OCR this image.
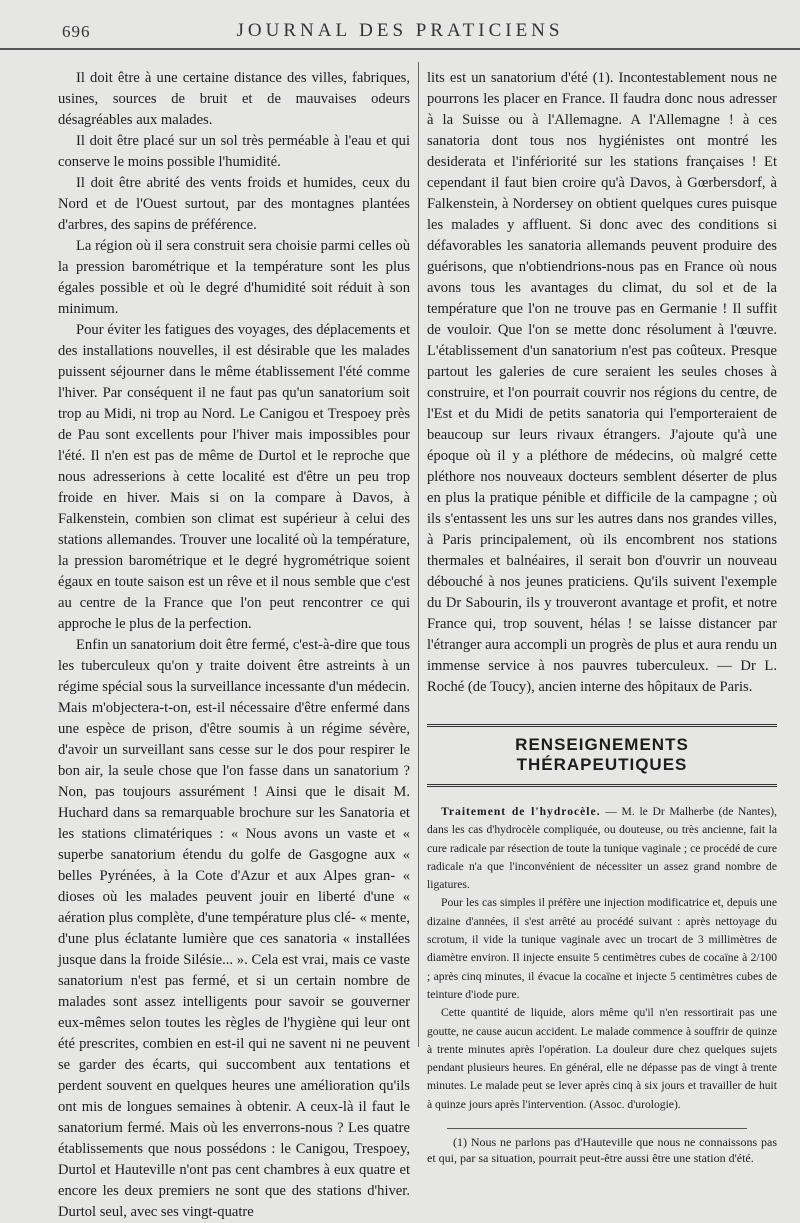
696	JOURNAL DES PRATICIENS

Il doit être à une certaine distance des villes, fabriques, usines, sources de bruit et de mauvaises odeurs désagréables aux malades.

Il doit être placé sur un sol très perméable à l'eau et qui conserve le moins possible l'humidité.

Il doit être abrité des vents froids et humides, ceux du Nord et de l'Ouest surtout, par des montagnes plantées d'arbres, des sapins de préférence.

La région où il sera construit sera choisie parmi celles où la pression barométrique et la température sont les plus égales possible et où le degré d'humidité soit réduit à son minimum.

Pour éviter les fatigues des voyages, des déplacements et des installations nouvelles, il est désirable que les malades puissent séjourner dans le même établissement l'été comme l'hiver. Par conséquent il ne faut pas qu'un sanatorium soit trop au Midi, ni trop au Nord. Le Canigou et Trespoey près de Pau sont excellents pour l'hiver mais impossibles pour l'été. Il n'en est pas de même de Durtol et le reproche que nous adresserions à cette localité est d'être un peu trop froide en hiver. Mais si on la compare à Davos, à Falkenstein, combien son climat est supérieur à celui des stations allemandes. Trouver une localité où la température, la pression barométrique et le degré hygrométrique soient égaux en toute saison est un rêve et il nous semble que c'est au centre de la France que l'on peut rencontrer ce qui approche le plus de la perfection.

Enfin un sanatorium doit être fermé, c'est-à-dire que tous les tuberculeux qu'on y traite doivent être astreints à un régime spécial sous la surveillance incessante d'un médecin. Mais m'objectera-t-on, est-il nécessaire d'être enfermé dans une espèce de prison, d'être soumis à un régime sévère, d'avoir un surveillant sans cesse sur le dos pour respirer le bon air, la seule chose que l'on fasse dans un sanatorium ? Non, pas toujours assurément ! Ainsi que le disait M. Huchard dans sa remarquable brochure sur les Sanatoria et les stations climatériques : « Nous avons un vaste et « superbe sanatorium étendu du golfe de Gasgogne aux « belles Pyrénées, à la Cote d'Azur et aux Alpes gran- « dioses où les malades peuvent jouir en liberté d'une « aération plus complète, d'une température plus clé- « mente, d'une plus éclatante lumière que ces sanatoria « installées jusque dans la froide Silésie... ». Cela est vrai, mais ce vaste sanatorium n'est pas fermé, et si un certain nombre de malades sont assez intelligents pour savoir se gouverner eux-mêmes selon toutes les règles de l'hygiène qui leur ont été prescrites, combien en est-il qui ne savent ni ne peuvent se garder des écarts, qui succombent aux tentations et perdent souvent en quelques heures une amélioration qu'ils ont mis de longues semaines à obtenir. A ceux-là il faut le sanatorium fermé. Mais où les enverrons-nous ? Les quatre établissements que nous possédons : le Canigou, Trespoey, Durtol et Hauteville n'ont pas cent chambres à eux quatre et encore les deux premiers ne sont que des stations d'hiver. Durtol seul, avec ses vingt-quatre

lits est un sanatorium d'été (1). Incontestablement nous ne pourrons les placer en France. Il faudra donc nous adresser à la Suisse ou à l'Allemagne. A l'Allemagne ! à ces sanatoria dont tous nos hygiénistes ont montré les desiderata et l'infériorité sur les stations françaises ! Et cependant il faut bien croire qu'à Davos, à Gœrbersdorf, à Falkenstein, à Nordersey on obtient quelques cures puisque les malades y affluent. Si donc avec des conditions si défavorables les sanatoria allemands peuvent produire des guérisons, que n'obtiendrions-nous pas en France où nous avons tous les avantages du climat, du sol et de la température que l'on ne trouve pas en Germanie ! Il suffit de vouloir. Que l'on se mette donc résolument à l'œuvre. L'établissement d'un sanatorium n'est pas coûteux. Presque partout les galeries de cure seraient les seules choses à construire, et l'on pourrait couvrir nos régions du centre, de l'Est et du Midi de petits sanatoria qui l'emporteraient de beaucoup sur leurs rivaux étrangers. J'ajoute qu'à une époque où il y a pléthore de médecins, où malgré cette pléthore nos nouveaux docteurs semblent déserter de plus en plus la pratique pénible et difficile de la campagne ; où ils s'entassent les uns sur les autres dans nos grandes villes, à Paris principalement, où ils encombrent nos stations thermales et balnéaires, il serait bon d'ouvrir un nouveau débouché à nos jeunes praticiens. Qu'ils suivent l'exemple du Dr Sabourin, ils y trouveront avantage et profit, et notre France qui, trop souvent, hélas ! se laisse distancer par l'étranger aura accompli un progrès de plus et aura rendu un immense service à nos pauvres tuberculeux. — Dr L. Roché (de Toucy), ancien interne des hôpitaux de Paris.

RENSEIGNEMENTS THÉRAPEUTIQUES

Traitement de l'hydrocèle. — M. le Dr Malherbe (de Nantes), dans les cas d'hydrocèle compliquée, ou douteuse, ou très ancienne, fait la cure radicale par résection de toute la tunique vaginale ; ce procédé de cure radicale n'a que l'inconvénient de nécessiter un assez grand nombre de ligatures.

Pour les cas simples il préfère une injection modificatrice et, depuis une dizaine d'années, il s'est arrêté au procédé suivant : après nettoyage du scrotum, il vide la tunique vaginale avec un trocart de 3 millimètres de diamètre environ. Il injecte ensuite 5 centimètres cubes de cocaïne à 2/100 ; après cinq minutes, il évacue la cocaïne et injecte 5 centimètres cubes de teinture d'iode pure.

Cette quantité de liquide, alors même qu'il n'en ressortirait pas une goutte, ne cause aucun accident. Le malade commence à souffrir de quinze à trente minutes après l'opération. La douleur dure chez quelques sujets pendant plusieurs heures. En général, elle ne dépasse pas de vingt à trente minutes. Le malade peut se lever après cinq à six jours et travailler de huit à quinze jours après l'intervention. (Assoc. d'urologie).

(1) Nous ne parlons pas d'Hauteville que nous ne connaissons pas et qui, par sa situation, pourrait peut-être aussi être une station d'été.
